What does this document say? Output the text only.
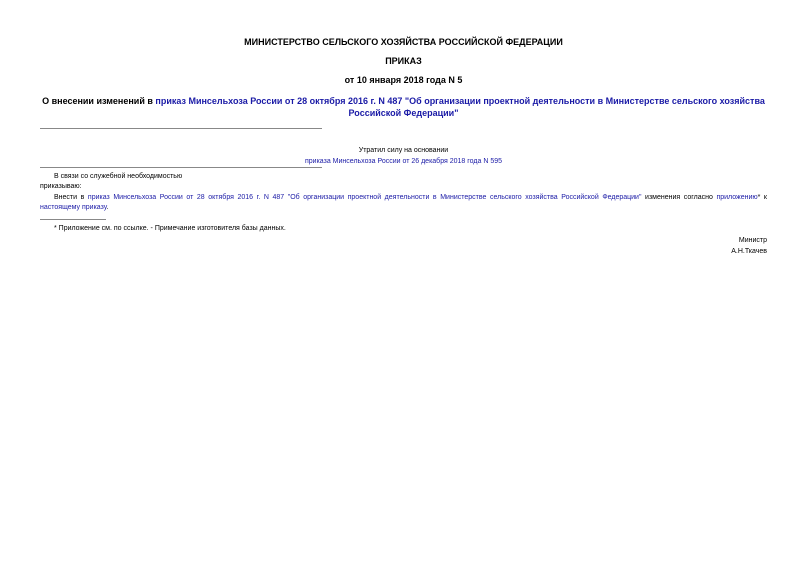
МИНИСТЕРСТВО СЕЛЬСКОГО ХОЗЯЙСТВА РОССИЙСКОЙ ФЕДЕРАЦИИ
ПРИКАЗ
от 10 января 2018 года N 5
О внесении изменений в приказ Минсельхоза России от 28 октября 2016 г. N 487 "Об организации проектной деятельности в Министерстве сельского хозяйства Российской Федерации"
Утратил силу на основании
приказа Минсельхоза России от 26 декабря 2018 года N 595
В связи со служебной необходимостью
приказываю:
Внести в приказ Минсельхоза России от 28 октября 2016 г. N 487 "Об организации проектной деятельности в Министерстве сельского хозяйства Российской Федерации" изменения согласно приложению* к настоящему приказу.
* Приложение см. по ссылке. - Примечание изготовителя базы данных.
Министр
А.Н.Ткачев
